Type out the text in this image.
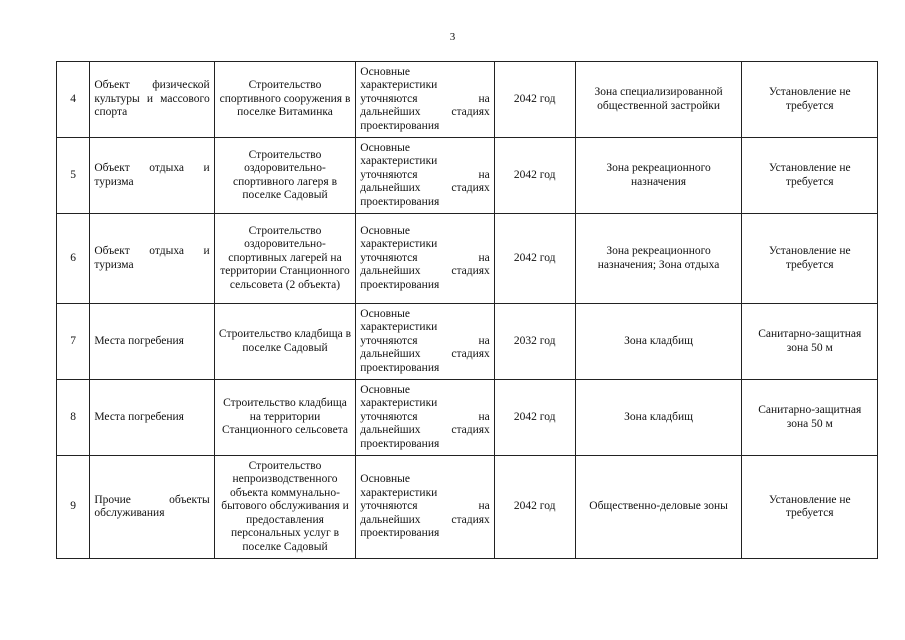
3
4	Объект физической культуры и массового спорта	Строительство спортивного сооружения в поселке Витаминка	Основные
характеристики
уточняются на
дальнейших стадиях
проектирования	2042 год	Зона специализированной общественной застройки	Установление не требуется
5	Объект отдыха и туризма	Строительство оздоровительно-спортивного лагеря в поселке Садовый	Основные
характеристики
уточняются на
дальнейших стадиях
проектирования	2042 год	Зона рекреационного назначения	Установление не требуется
6	Объект отдыха и туризма	Строительство оздоровительно-спортивных лагерей на территории Станционного сельсовета (2 объекта)	Основные
характеристики
уточняются на
дальнейших стадиях
проектирования	2042 год	Зона рекреационного назначения; Зона отдыха	Установление не требуется
7	Места погребения	Строительство кладбища в поселке Садовый	Основные
характеристики
уточняются на
дальнейших стадиях
проектирования	2032 год	Зона кладбищ	Санитарно-защитная зона 50 м
8	Места погребения	Строительство кладбища на территории Станционного сельсовета	Основные
характеристики
уточняются на
дальнейших стадиях
проектирования	2042 год	Зона кладбищ	Санитарно-защитная зона 50 м
9	Прочие объекты обслуживания	Строительство непроизводственного объекта коммунально-бытового обслуживания и предоставления персональных услуг в поселке Садовый	Основные
характеристики
уточняются на
дальнейших стадиях
проектирования	2042 год	Общественно-деловые зоны	Установление не требуется
